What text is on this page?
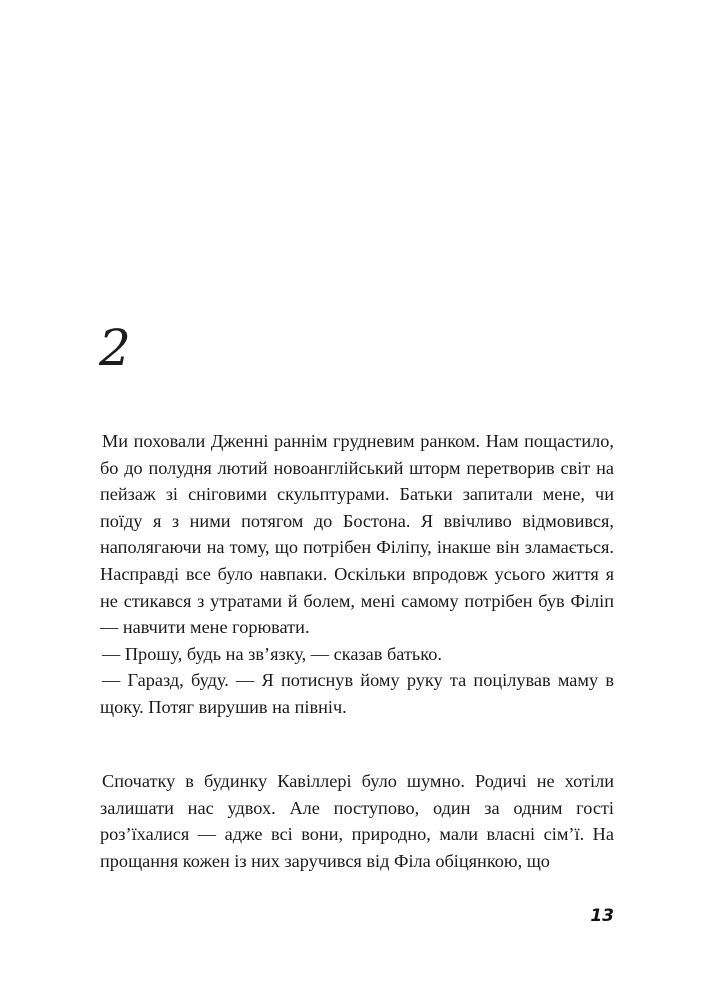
2

Ми поховали Дженні раннім грудневим ранком. Нам пощастило, бо до полудня лютий новоанглійський шторм перетворив світ на пейзаж зі сніговими скульптурами. Батьки запитали мене, чи поїду я з ними потягом до Бостона. Я ввічливо відмовився, наполягаючи на тому, що потрібен Філіпу, інакше він зламається. Насправді все було навпаки. Оскільки впродовж усього життя я не стикався з утратами й болем, мені самому потрібен був Філіп — навчити мене горювати.

— Прошу, будь на зв’язку, — сказав батько.

— Гаразд, буду. — Я потиснув йому руку та поцілував маму в щоку. Потяг вирушив на північ.

Спочатку в будинку Кавіллері було шумно. Родичі не хотіли залишати нас удвох. Але поступово, один за одним гості роз’їхалися — адже всі вони, природно, мали власні сім’ї. На прощання кожен із них заручився від Філа обіцянкою, що

13
